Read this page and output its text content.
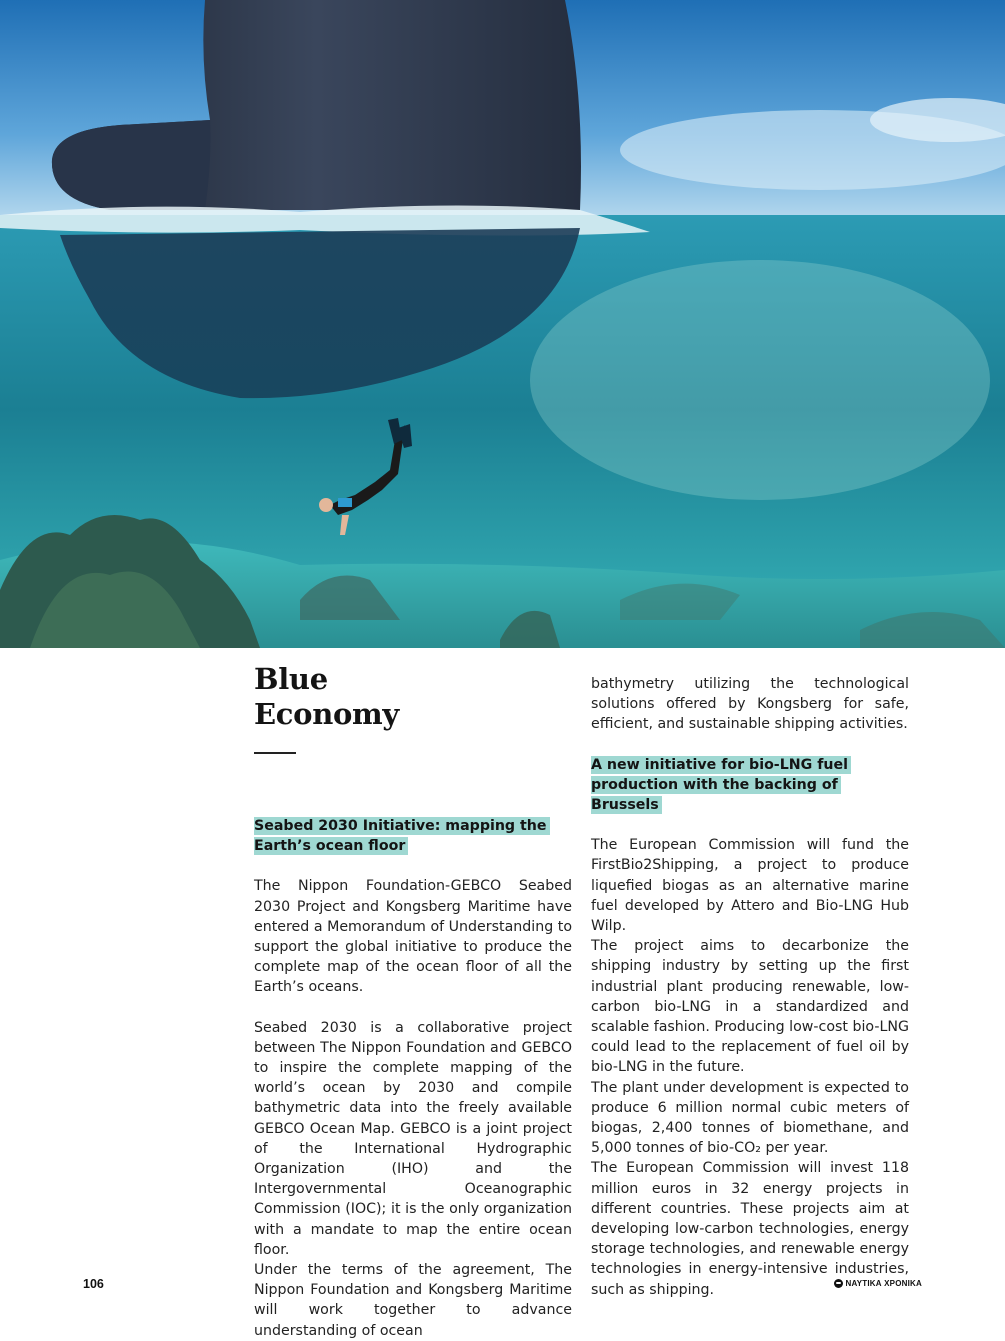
Blue
Economy
Seabed 2030 Initiative: mapping the Earth’s ocean floor

The Nippon Foundation-GEBCO Seabed 2030 Project and Kongsberg Maritime have entered a Memorandum of Understanding to support the global initiative to produce the complete map of the ocean floor of all the Earth’s oceans.

Seabed 2030 is a collaborative project between The Nippon Foundation and GEBCO to inspire the complete mapping of the world’s ocean by 2030 and compile bathymetric data into the freely available GEBCO Ocean Map. GEBCO is a joint project of the International Hydrographic Organization (IHO) and the Intergovernmental Oceanographic Commission (IOC); it is the only organization with a mandate to map the entire ocean floor.

Under the terms of the agreement, The Nippon Foundation and Kongsberg Maritime will work together to advance understanding of ocean

bathymetry utilizing the technological solutions offered by Kongsberg for safe, efficient, and sustainable shipping activities.

A new initiative for bio-LNG fuel production with the backing of Brussels

The European Commission will fund the FirstBio2Shipping, a project to produce liquefied biogas as an alternative marine fuel developed by Attero and Bio-LNG Hub Wilp.

The project aims to decarbonize the shipping industry by setting up the first industrial plant producing renewable, low-carbon bio-LNG in a standardized and scalable fashion. Producing low-cost bio-LNG could lead to the replacement of fuel oil by bio-LNG in the future.

The plant under development is expected to produce 6 million normal cubic meters of biogas, 2,400 tonnes of biomethane, and 5,000 tonnes of bio-CO₂ per year.

The European Commission will invest 118 million euros in 32 energy projects in different countries. These projects aim at developing low-carbon technologies, energy storage technologies, and renewable energy technologies in energy-intensive industries, such as shipping.

106	ΝΑΥΤΙΚΑ ΧΡΟΝΙΚΑ
